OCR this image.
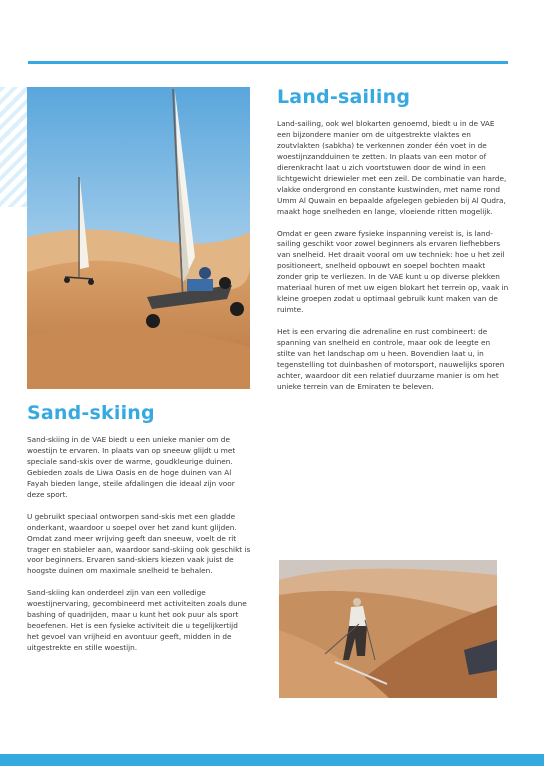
Land-sailing

Land-sailing, ook wel blokarten genoemd, biedt u in de VAE een bijzondere manier om de uitgestrekte vlaktes en zoutvlakten (sabkha) te verkennen zonder één voet in de woestijnzandduinen te zetten. In plaats van een motor of dierenkracht laat u zich voortstuwen door de wind in een lichtgewicht driewieler met een zeil. De combinatie van harde, vlakke ondergrond en constante kustwinden, met name rond Umm Al Quwain en bepaalde afgelegen gebieden bij Al Qudra, maakt hoge snelheden en lange, vloeiende ritten mogelijk.

Omdat er geen zware fysieke inspanning vereist is, is land-sailing geschikt voor zowel beginners als ervaren liefhebbers van snelheid. Het draait vooral om uw techniek: hoe u het zeil positioneert, snelheid opbouwt en soepel bochten maakt zonder grip te verliezen. In de VAE kunt u op diverse plekken materiaal huren of met uw eigen blokart het terrein op, vaak in kleine groepen zodat u optimaal gebruik kunt maken van de ruimte.

Het is een ervaring die adrenaline en rust combineert: de spanning van snelheid en controle, maar ook de leegte en stilte van het landschap om u heen. Bovendien laat u, in tegenstelling tot duinbashen of motorsport, nauwelijks sporen achter, waardoor dit een relatief duurzame manier is om het unieke terrein van de Emiraten te beleven.

Sand-skiing

Sand-skiing in de VAE biedt u een unieke manier om de woestijn te ervaren. In plaats van op sneeuw glijdt u met speciale sand-skis over de warme, goudkleurige duinen. Gebieden zoals de Liwa Oasis en de hoge duinen van Al Fayah bieden lange, steile afdalingen die ideaal zijn voor deze sport.

U gebruikt speciaal ontworpen sand-skis met een gladde onderkant, waardoor u soepel over het zand kunt glijden. Omdat zand meer wrijving geeft dan sneeuw, voelt de rit trager en stabieler aan, waardoor sand-skiing ook geschikt is voor beginners. Ervaren sand-skiers kiezen vaak juist de hoogste duinen om maximale snelheid te behalen.

Sand-skiing kan onderdeel zijn van een volledige woestijnervaring, gecombineerd met activiteiten zoals dune bashing of quadrijden, maar u kunt het ook puur als sport beoefenen. Het is een fysieke activiteit die u tegelijkertijd het gevoel van vrijheid en avontuur geeft, midden in de uitgestrekte en stille woestijn.
